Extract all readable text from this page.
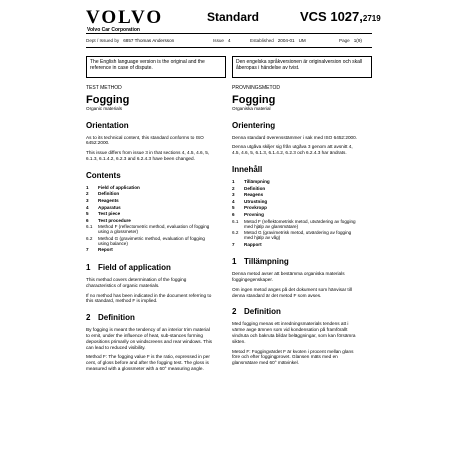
VOLVO
Volvo Car Corporation
Standard	VCS 1027,2719
Dept / Issued by 6857 Thomas Andersson	Issue 4	Established 2004-01 UM	Page 1(9)
The English language version is the original and the reference in case of dispute.
Den engelska språkversionen är originalversion och skall åberopas i händelse av tvist.
TEST METHOD
Fogging
Organic materials
Orientation

As to its technical content, this standard conforms to ISO 6452:2000.

This issue differs from issue 3 in that sections 4, 4.5, 4.6, 5, 6.1.3, 6.1.4.2, 6.2.3 and 6.2.4.3 have been changed.

Contents
1	Field of application
2	Definition
3	Reagents
4	Apparatus
5	Test piece
6	Test procedure
6.1	Method F (reflectometric method, evaluation of fogging using a glossmeter)
6.2	Method G (gravimetric method, evaluation of fogging using balance)
7	Report
1 Field of application

This method covers determination of the fogging characteristics of organic materials.

If no method has been indicated in the document referring to this standard, method F is implied.

2 Definition

By fogging is meant the tendency of an interior trim material to emit, under the influence of heat, sub-stances forming depositions primarily on windscreens and rear windows. This can lead to reduced visibility.

Method F: The fogging value F is the ratio, expressed in per cent, of gloss before and after the fogging test. The gloss is measured with a glossmeter with a 60° measuring angle.

PROVNINGSMETOD
Fogging
Organiska material
Orientering

Denna standard överensstämmer i sak med ISO 6452:2000.

Denna utgåva skiljer sig från utgåva 3 genom att avsnitt 4, 4.5, 4.6, 5, 6.1.3, 6.1.4.2, 6.2.3 och 6.2.4.3 har ändrats.

Innehåll
1	Tillämpning
2	Definition
3	Reagens
4	Utrustning
5	Provkropp
6	Provning
6.1	Metod F (reflektometrisk metod, utvärdering av fogging med hjälp av glansmätare)
6.2	Metod G (gravimetrisk metod, utvärdering av fogging med hjälp av våg)
7	Rapport
1 Tillämpning

Denna metod avser att bestämma organiska materials foggingegenskaper.

Om ingen metod anges på det dokument som hänvisar till denna standard är det metod F som avses.

2 Definition

Med fogging menas ett inredningsmaterials tendens att i värme avge ämnen som vid kondensation på framförallt vindruta och bakruta bildar beläggningar, som kan försämra sikten.

Metod F: Foggingvärdet F är kvoten i procent mellan glans före och efter foggingprovet. Glansen mäts med en glansmätare med 60° mätvinkel.
